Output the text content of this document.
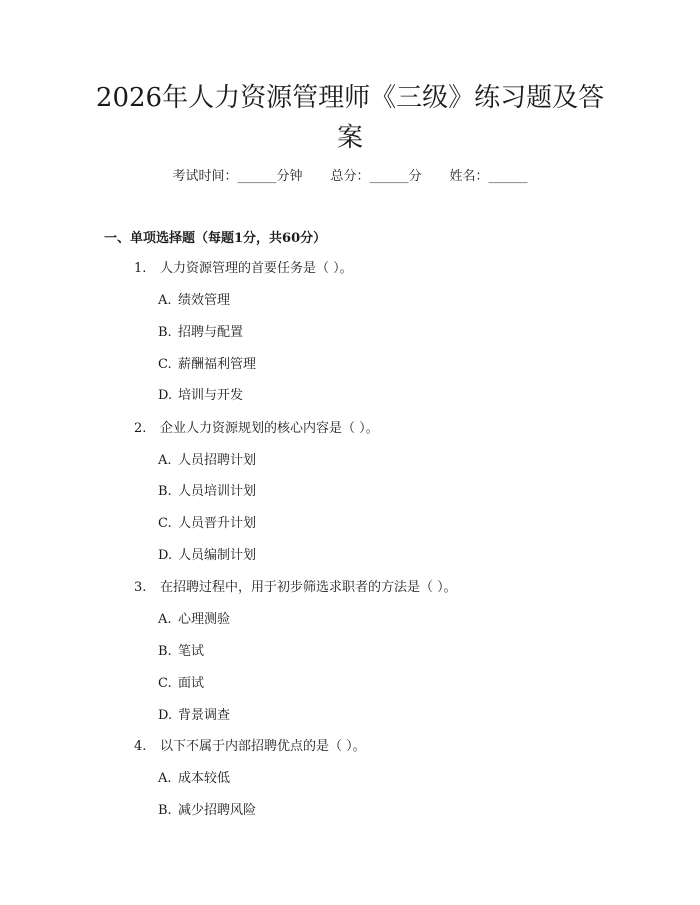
2026年人力资源管理师《三级》练习题及答案
考试时间：______分钟 总分：______分 姓名：______
一、单项选择题（每题1分，共60分）
1. 人力资源管理的首要任务是（ ）。
A. 绩效管理
B. 招聘与配置
C. 薪酬福利管理
D. 培训与开发
2. 企业人力资源规划的核心内容是（ ）。
A. 人员招聘计划
B. 人员培训计划
C. 人员晋升计划
D. 人员编制计划
3. 在招聘过程中，用于初步筛选求职者的方法是（ ）。
A. 心理测验
B. 笔试
C. 面试
D. 背景调查
4. 以下不属于内部招聘优点的是（ ）。
A. 成本较低
B. 减少招聘风险
